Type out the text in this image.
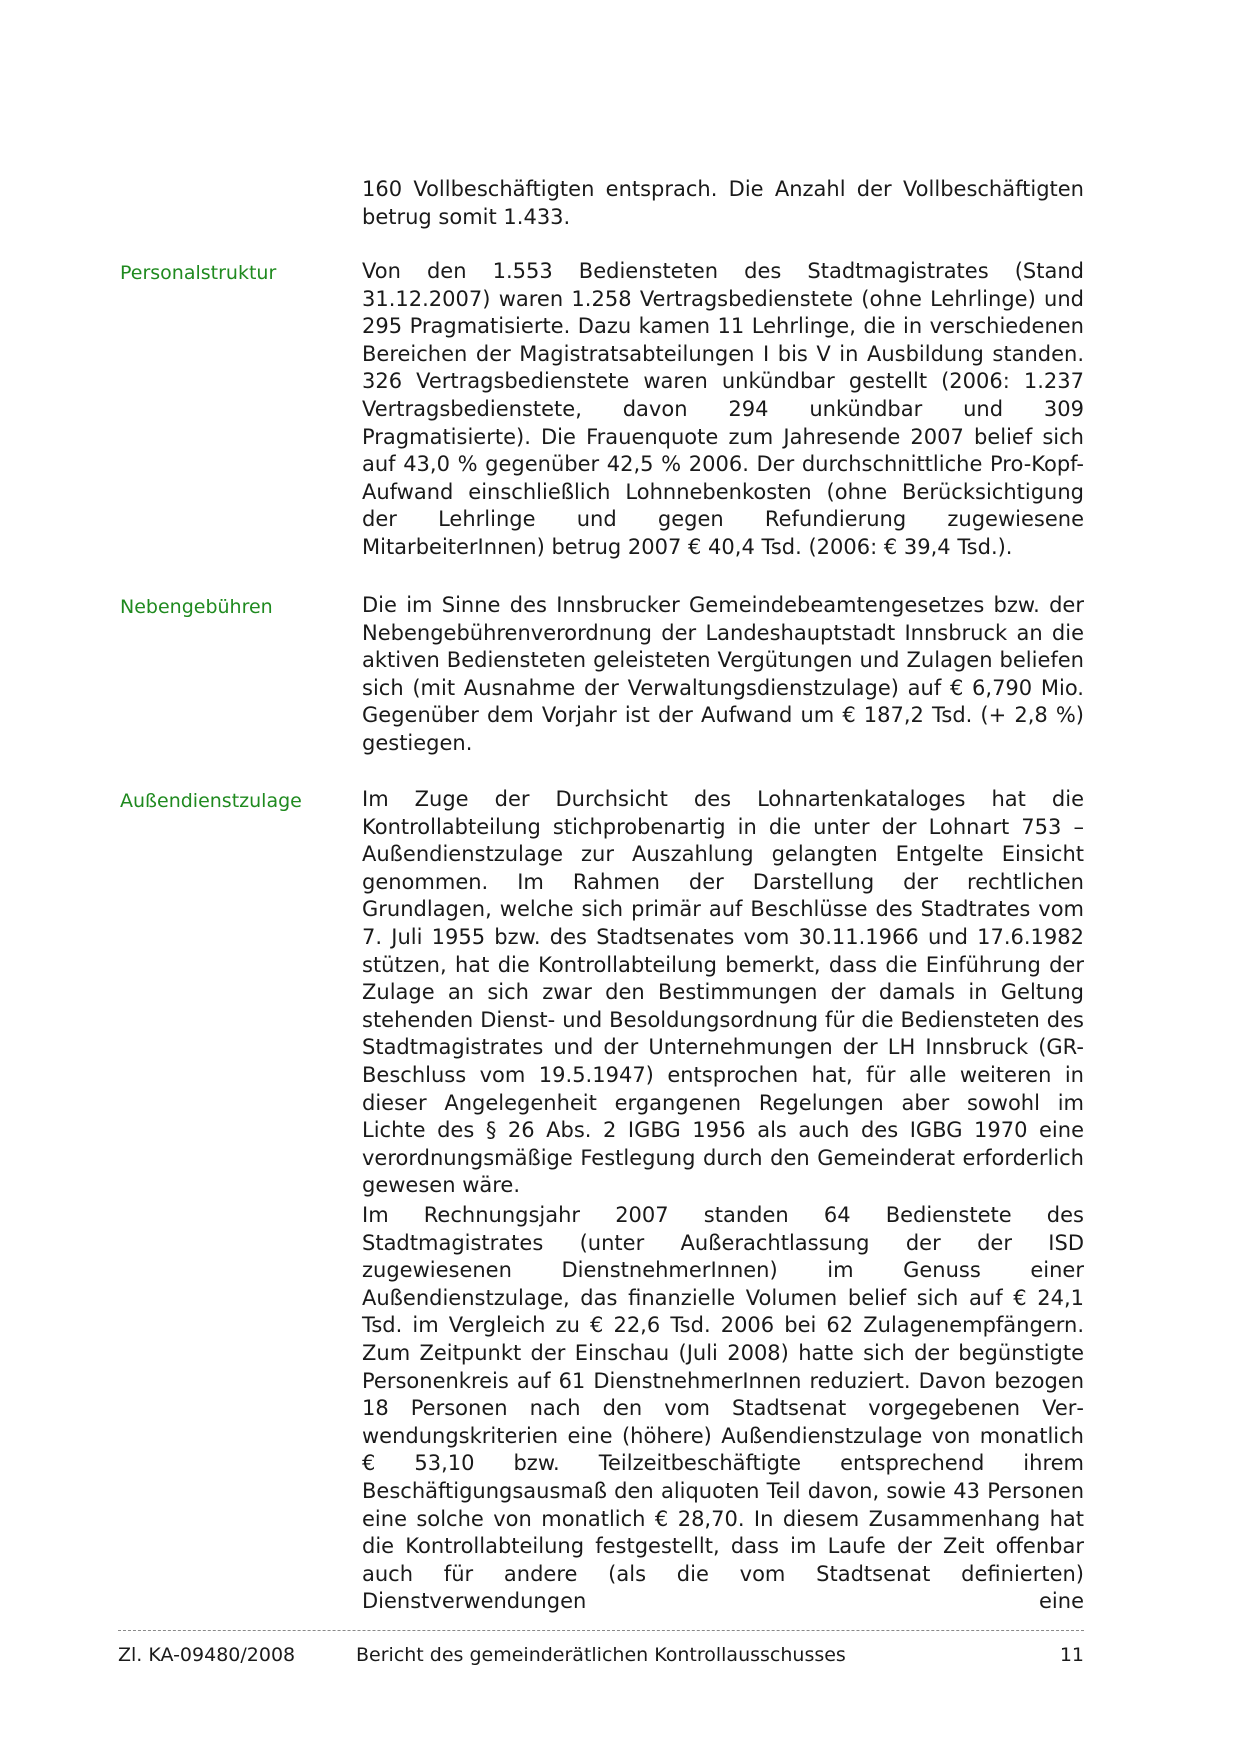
160 Vollbeschäftigten entsprach. Die Anzahl der Vollbeschäftigten betrug somit 1.433.

Personalstruktur	Von den 1.553 Bediensteten des Stadtmagistrates (Stand 31.12.2007) waren 1.258 Vertragsbedienstete (ohne Lehrlinge) und 295 Pragmatisierte. Dazu kamen 11 Lehrlinge, die in verschiedenen Bereichen der Magistratsabteilungen I bis V in Ausbildung standen. 326 Vertragsbedienstete waren unkündbar gestellt (2006: 1.237 Vertragsbedienstete, davon 294 unkündbar und 309 Pragmatisierte). Die Frauenquote zum Jahresende 2007 belief sich auf 43,0 % gegenüber 42,5 % 2006. Der durchschnittliche Pro-Kopf-Aufwand einschließlich Lohnnebenkosten (ohne Berücksichtigung der Lehrlinge und gegen Refundierung zugewiesene MitarbeiterInnen) betrug 2007 € 40,4 Tsd. (2006: € 39,4 Tsd.).

Nebengebühren	Die im Sinne des Innsbrucker Gemeindebeamtengesetzes bzw. der Nebengebührenverordnung der Landeshauptstadt Innsbruck an die aktiven Bediensteten geleisteten Vergütungen und Zulagen beliefen sich (mit Ausnahme der Verwaltungsdienstzulage) auf € 6,790 Mio. Gegenüber dem Vorjahr ist der Aufwand um € 187,2 Tsd. (+ 2,8 %) gestiegen.

Außendienstzulage	Im Zuge der Durchsicht des Lohnartenkataloges hat die Kontrollabteilung stichprobenartig in die unter der Lohnart 753 – Außendienstzulage zur Auszahlung gelangten Entgelte Einsicht genommen. Im Rahmen der Darstellung der rechtlichen Grundlagen, welche sich primär auf Beschlüsse des Stadtrates vom 7. Juli 1955 bzw. des Stadtsenates vom 30.11.1966 und 17.6.1982 stützen, hat die Kontrollabteilung bemerkt, dass die Einführung der Zulage an sich zwar den Bestimmungen der damals in Geltung stehenden Dienst- und Besoldungsordnung für die Bediensteten des Stadtmagistrates und der Unternehmungen der LH Innsbruck (GR-Beschluss vom 19.5.1947) entsprochen hat, für alle weiteren in dieser Angelegenheit ergangenen Regelungen aber sowohl im Lichte des § 26 Abs. 2 IGBG 1956 als auch des IGBG 1970 eine verordnungsmäßige Festlegung durch den Gemeinderat erforderlich gewesen wäre.

Im Rechnungsjahr 2007 standen 64 Bedienstete des Stadtmagistrates (unter Außerachtlassung der der ISD zugewiesenen DienstnehmerInnen) im Genuss einer Außendienstzulage, das finanzielle Volumen belief sich auf € 24,1 Tsd. im Vergleich zu € 22,6 Tsd. 2006 bei 62 Zulagenempfängern. Zum Zeitpunkt der Einschau (Juli 2008) hatte sich der begünstigte Personenkreis auf 61 DienstnehmerInnen reduziert. Davon bezogen 18 Personen nach den vom Stadtsenat vorgegebenen Verwendungskriterien eine (höhere) Außendienstzulage von monatlich € 53,10 bzw. Teilzeitbeschäftigte entsprechend ihrem Beschäftigungsausmaß den aliquoten Teil davon, sowie 43 Personen eine solche von monatlich € 28,70. In diesem Zusammenhang hat die Kontrollabteilung festgestellt, dass im Laufe der Zeit offenbar auch für andere (als die vom Stadtsenat definierten) Dienstverwendungen eine

Zl. KA-09480/2008	Bericht des gemeinderätlichen Kontrollausschusses	11
